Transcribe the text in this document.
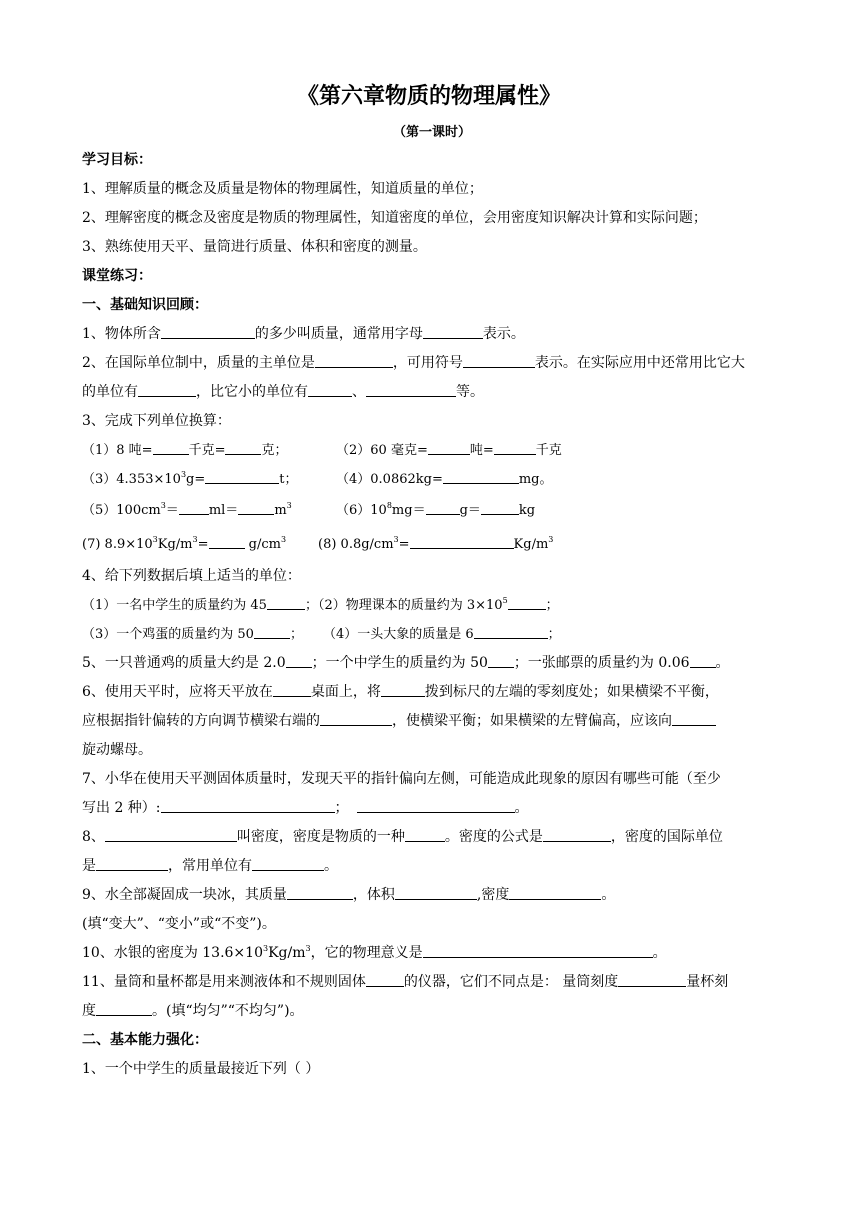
《第六章物质的物理属性》
（第一课时）
学习目标：
1、理解质量的概念及质量是物体的物理属性，知道质量的单位；
2、理解密度的概念及密度是物质的物理属性，知道密度的单位，会用密度知识解决计算和实际问题；
3、熟练使用天平、量筒进行质量、体积和密度的测量。
课堂练习：
一、基础知识回顾：
1、物体所含	的多少叫质量，通常用字母	表示。
2、在国际单位制中，质量的主单位是	，可用符号	表示。在实际应用中还常用比它大
的单位有	，比它小的单位有	、	等。
3、完成下列单位换算：
（1）8 吨=	千克=	克；	（2）60 毫克=	吨=	千克
$(3)4.353\times 10^3g=$	t；	（4）0.0862kg=	mg。
$(5)100cm^3= ml=$	$m^3$	$(6)10^8mg=$	g＝	kg
(7) $8.9\times 10^3Kg/m^3=$	$g/cm^3$ (8) $0.8g/cm^3=$	$Kg/m^3$
4、给下列数据后填上适当的单位：
（1）一名中学生的质量约为 45	；（2）物理课本的质量约为 $3\times 10^5$	；
（3）一个鸡蛋的质量约为 50	； （4）一头大象的质量是 6	；
5、一只普通鸡的质量大约是 2.0 ；一个中学生的质量约为 50 ；一张邮票的质量约为 0.06 。
6、使用天平时，应将天平放在	桌面上，将	拨到标尺的左端的零刻度处；如果横梁不平衡，
应根据指针偏转的方向调节横梁右端的	，使横梁平衡；如果横梁的左臂偏高，应该向
旋动螺母。
7、小华在使用天平测固体质量时，发现天平的指针偏向左侧，可能造成此现象的原因有哪些可能（至少
写出 2 种）:	；	。
8、	叫密度，密度是物质的一种	。密度的公式是	，密度的国际单位
是	，常用单位有	。
9、水全部凝固成一块冰，其质量	，体积	,密度	。
(填“变大”、“变小”或“不变”)。
10、水银的密度为 $13.6\times 10^3Kg/m^3$，它的物理意义是	。
11、量筒和量杯都是用来测液体和不规则固体	的仪器，它们不同点是： 量筒刻度	量杯刻
度	。(填“均匀”“不均匀”)。
二、基本能力强化：
1、一个中学生的质量最接近下列（ ）
